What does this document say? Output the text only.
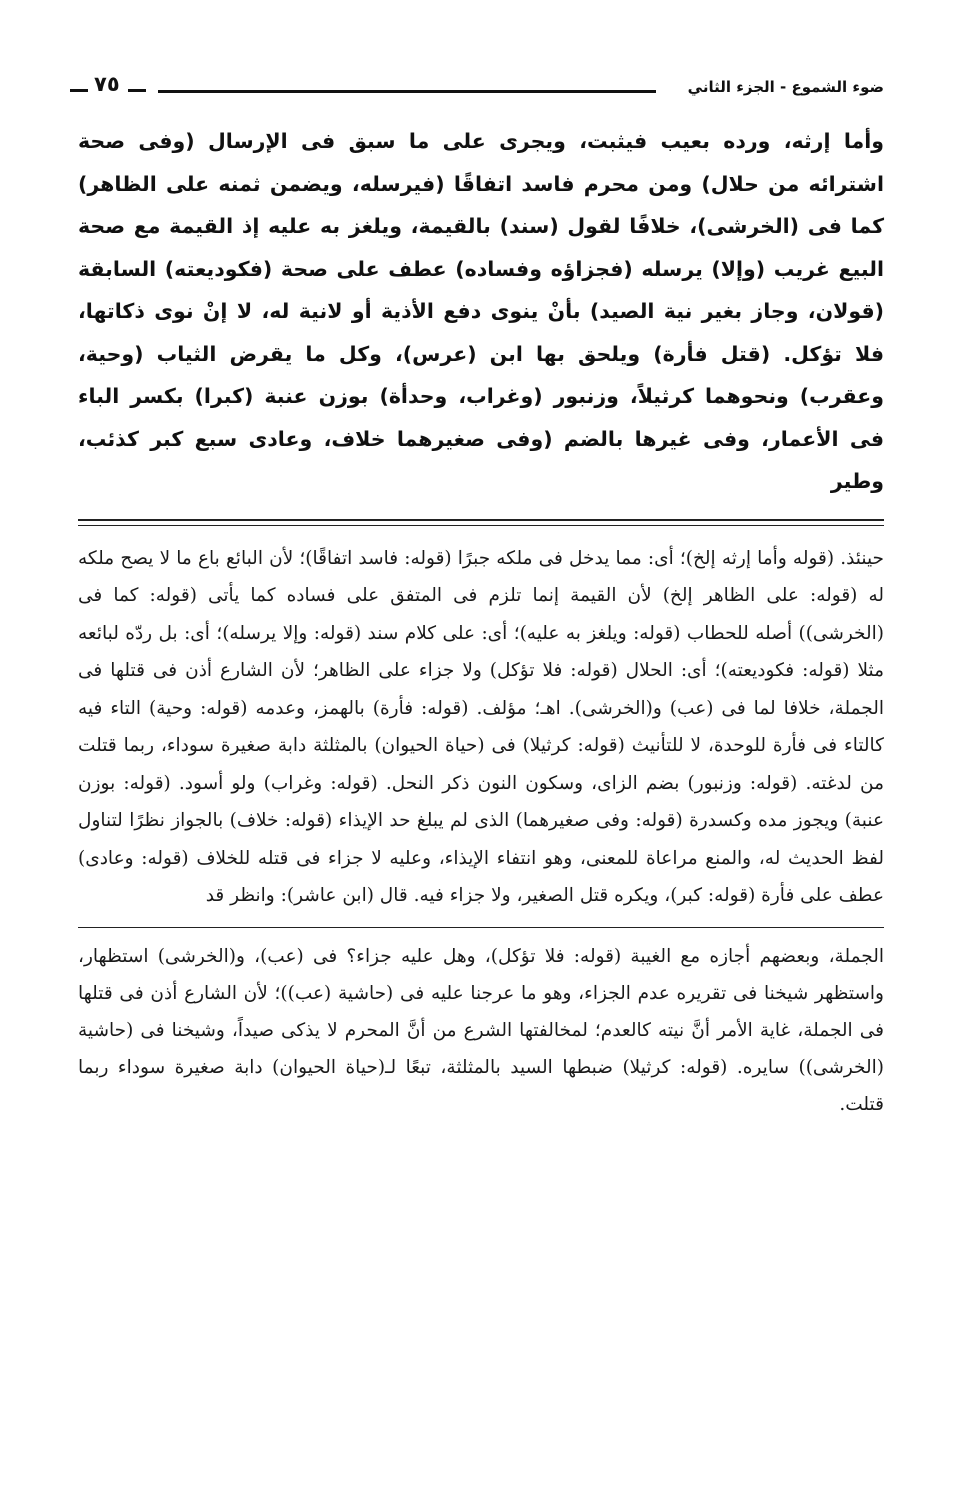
ضوء الشموع - الجزء الثاني
٧٥
وأما إرثه، ورده بعيب فيثبت، ويجرى على ما سبق فى الإرسال (وفى صحة اشترائه من حلال) ومن محرم فاسد اتفاقًا (فيرسله، ويضمن ثمنه على الظاهر) كما فى (الخرشى)، خلافًا لقول (سند) بالقيمة، ويلغز به عليه إذ القيمة مع صحة البيع غريب (وإلا) يرسله (فجزاؤه وفساده) عطف على صحة (فكوديعته) السابقة (قولان، وجاز بغير نية الصيد) بأنْ ينوى دفع الأذية أو لانية له، لا إنْ نوى ذكاتها، فلا تؤكل. (قتل فأرة) ويلحق بها ابن (عرس)، وكل ما يقرض الثياب (وحية، وعقرب) ونحوهما كرثيلاً، وزنبور (وغراب، وحدأة) بوزن عنبة (كبرا) بكسر الباء فى الأعمار، وفى غيرها بالضم (وفى صغيرهما خلاف، وعادى سبع كبر كذئب، وطير
حينئذ. (قوله وأما إرثه إلخ)؛ أى: مما يدخل فى ملكه جبرًا (قوله: فاسد اتفاقًا)؛ لأن البائع باع ما لا يصح ملكه له (قوله: على الظاهر إلخ) لأن القيمة إنما تلزم فى المتفق على فساده كما يأتى (قوله: كما فى (الخرشى)) أصله للحطاب (قوله: ويلغز به عليه)؛ أى: على كلام سند (قوله: وإلا يرسله)؛ أى: بل ردّه لبائعه مثلا (قوله: فكوديعته)؛ أى: الحلال (قوله: فلا تؤكل) ولا جزاء على الظاهر؛ لأن الشارع أذن فى قتلها فى الجملة، خلافا لما فى (عب) و(الخرشى). اهـ؛ مؤلف. (قوله: فأرة) بالهمز، وعدمه (قوله: وحية) التاء فيه كالتاء فى فأرة للوحدة، لا للتأنيث (قوله: كرثيلا) فى (حياة الحيوان) بالمثلثة دابة صغيرة سوداء، ربما قتلت من لدغته. (قوله: وزنبور) بضم الزاى، وسكون النون ذكر النحل. (قوله: وغراب) ولو أسود. (قوله: بوزن عنبة) ويجوز مده وكسدرة (قوله: وفى صغيرهما) الذى لم يبلغ حد الإيذاء (قوله: خلاف) بالجواز نظرًا لتناول لفظ الحديث له، والمنع مراعاة للمعنى، وهو انتفاء الإيذاء، وعليه لا جزاء فى قتله للخلاف (قوله: وعادى) عطف على فأرة (قوله: كبر)، ويكره قتل الصغير، ولا جزاء فيه. قال (ابن عاشر): وانظر قد
الجملة، وبعضهم أجازه مع الغيبة (قوله: فلا تؤكل)، وهل عليه جزاء؟ فى (عب)، و(الخرشى) استظهار، واستظهر شيخنا فى تقريره عدم الجزاء، وهو ما عرجنا عليه فى (حاشية (عب))؛ لأن الشارع أذن فى قتلها فى الجملة، غاية الأمر أنَّ نيته كالعدم؛ لمخالفتها الشرع من أنَّ المحرم لا يذكى صيداً، وشيخنا فى (حاشية (الخرشى)) سايره. (قوله: كرثيلا) ضبطها السيد بالمثلثة، تبعًا لـ(حياة الحيوان) دابة صغيرة سوداء ربما قتلت.
